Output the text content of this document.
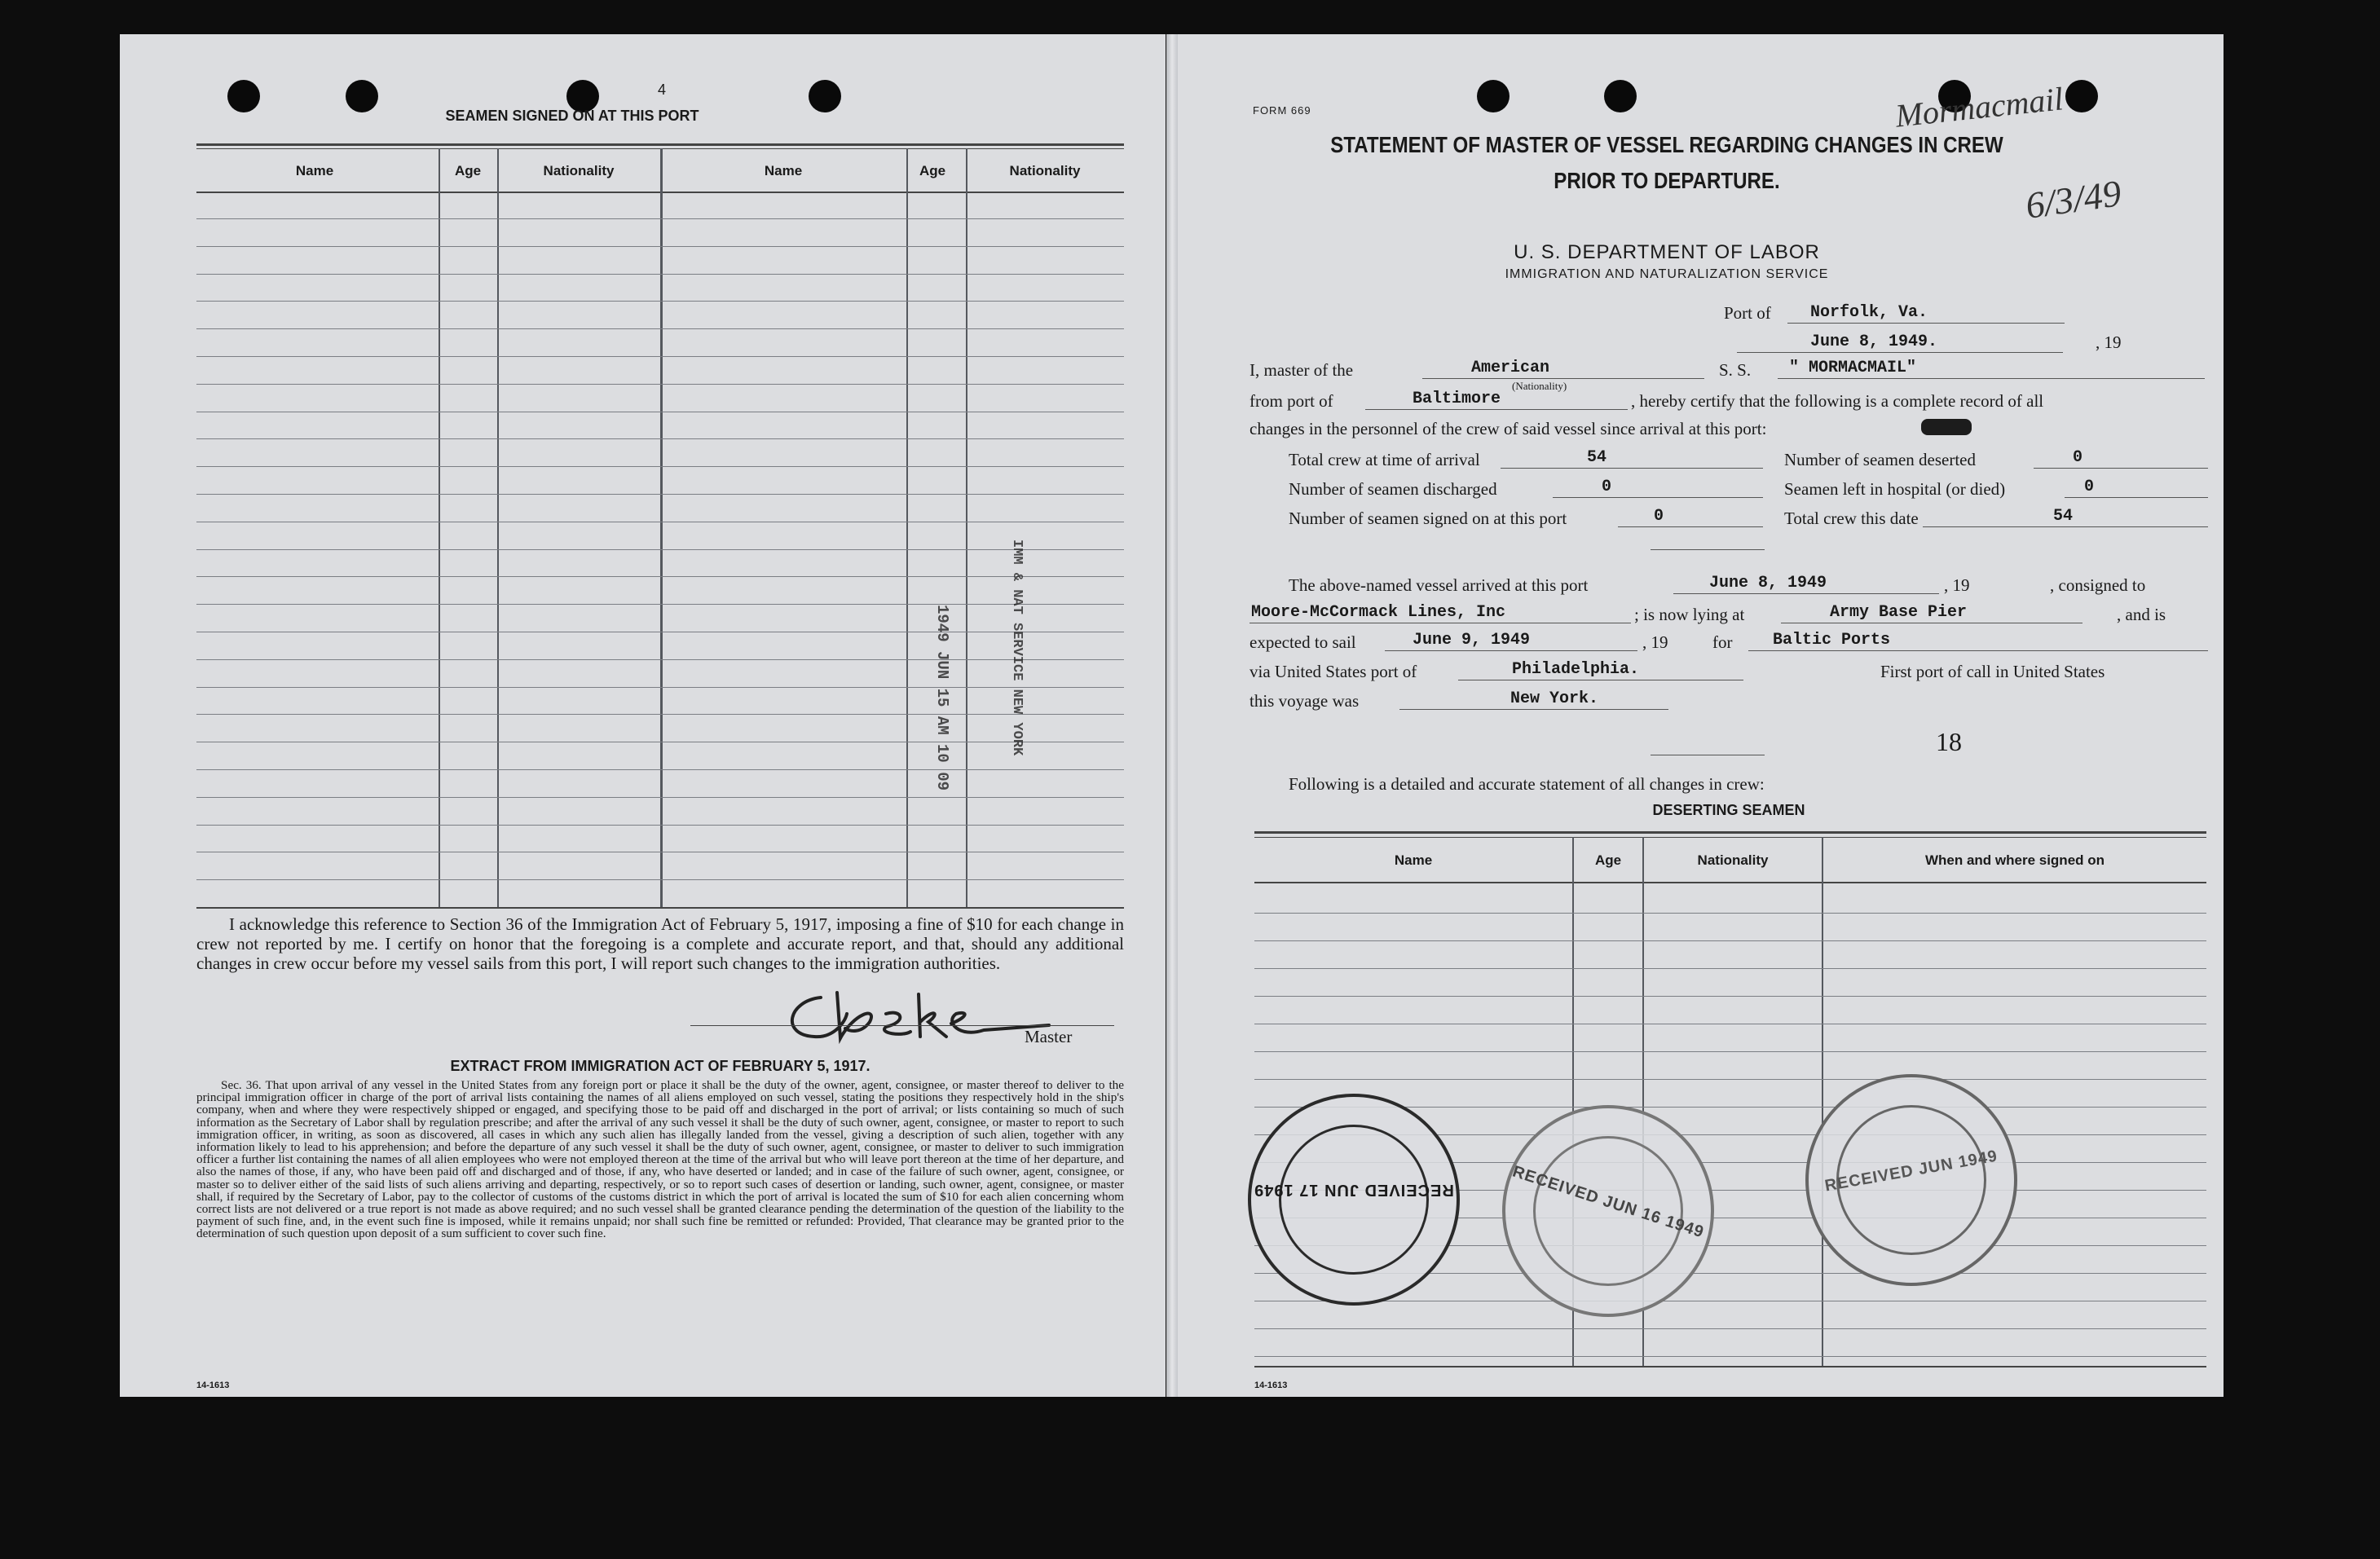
4
SEAMEN SIGNED ON AT THIS PORT
Name	Age	Nationality	Name	Age	Nationality
1949 JUN 15 AM 10 09	IMM & NAT SERVICE NEW YORK
I acknowledge this reference to Section 36 of the Immigration Act of February 5, 1917, imposing a fine of $10 for each change in crew not reported by me. I certify on honor that the foregoing is a complete and accurate report, and that, should any additional changes in crew occur before my vessel sails from this port, I will report such changes to the immigration authorities.
Master
EXTRACT FROM IMMIGRATION ACT OF FEBRUARY 5, 1917.
Sec. 36. That upon arrival of any vessel in the United States from any foreign port or place it shall be the duty of the owner, agent, consignee, or master thereof to deliver to the principal immigration officer in charge of the port of arrival lists containing the names of all aliens employed on such vessel, stating the positions they respectively hold in the ship's company, when and where they were respectively shipped or engaged, and specifying those to be paid off and discharged in the port of arrival; or lists containing so much of such information as the Secretary of Labor shall by regulation prescribe; and after the arrival of any such vessel it shall be the duty of such owner, agent, consignee, or master to report to such immigration officer, in writing, as soon as discovered, all cases in which any such alien has illegally landed from the vessel, giving a description of such alien, together with any information likely to lead to his apprehension; and before the departure of any such vessel it shall be the duty of such owner, agent, consignee, or master to deliver to such immigration officer a further list containing the names of all alien employees who were not employed thereon at the time of the arrival but who will leave port thereon at the time of her departure, and also the names of those, if any, who have been paid off and discharged and of those, if any, who have deserted or landed; and in case of the failure of such owner, agent, consignee, or master so to deliver either of the said lists of such aliens arriving and departing, respectively, or so to report such cases of desertion or landing, such owner, agent, consignee, or master shall, if required by the Secretary of Labor, pay to the collector of customs of the customs district in which the port of arrival is located the sum of $10 for each alien concerning whom correct lists are not delivered or a true report is not made as above required; and no such vessel shall be granted clearance pending the determination of the question of the liability to the payment of such fine, and, in the event such fine is imposed, while it remains unpaid; nor shall such fine be remitted or refunded: Provided, That clearance may be granted prior to the determination of such question upon deposit of a sum sufficient to cover such fine.
14-1613
FORM 669	Mormacmail
6/3/49
STATEMENT OF MASTER OF VESSEL REGARDING CHANGES IN CREW
PRIOR TO DEPARTURE.
U. S. DEPARTMENT OF LABOR
IMMIGRATION AND NATURALIZATION SERVICE
Port of Norfolk, Va.
June 8, 1949.	, 19
I, master of the	American	S. S. " MORMACMAIL"
(Nationality)
from port of	Baltimore	, hereby certify that the following is a complete record of all
changes in the personnel of the crew of said vessel since arrival at this port:
Total crew at time of arrival	54	Number of seamen deserted	0
Number of seamen discharged	0	Seamen left in hospital (or died)	0
Number of seamen signed on at this port	0	Total crew this date	54
The above-named vessel arrived at this port	June 8, 1949	, 19	, consigned to
Moore-McCormack Lines, Inc	; is now lying at	Army Base Pier	, and is
expected to sail	June 9, 1949	, 19	for Baltic Ports
via United States port of	Philadelphia.	First port of call in United States
this voyage was	New York.
18
Following is a detailed and accurate statement of all changes in crew:
DESERTING SEAMEN
Name	Age	Nationality	When and where signed on
RECEIVED JUN 17 1949	RECEIVED JUN 16 1949	RECEIVED JUN 1949
14-1613
